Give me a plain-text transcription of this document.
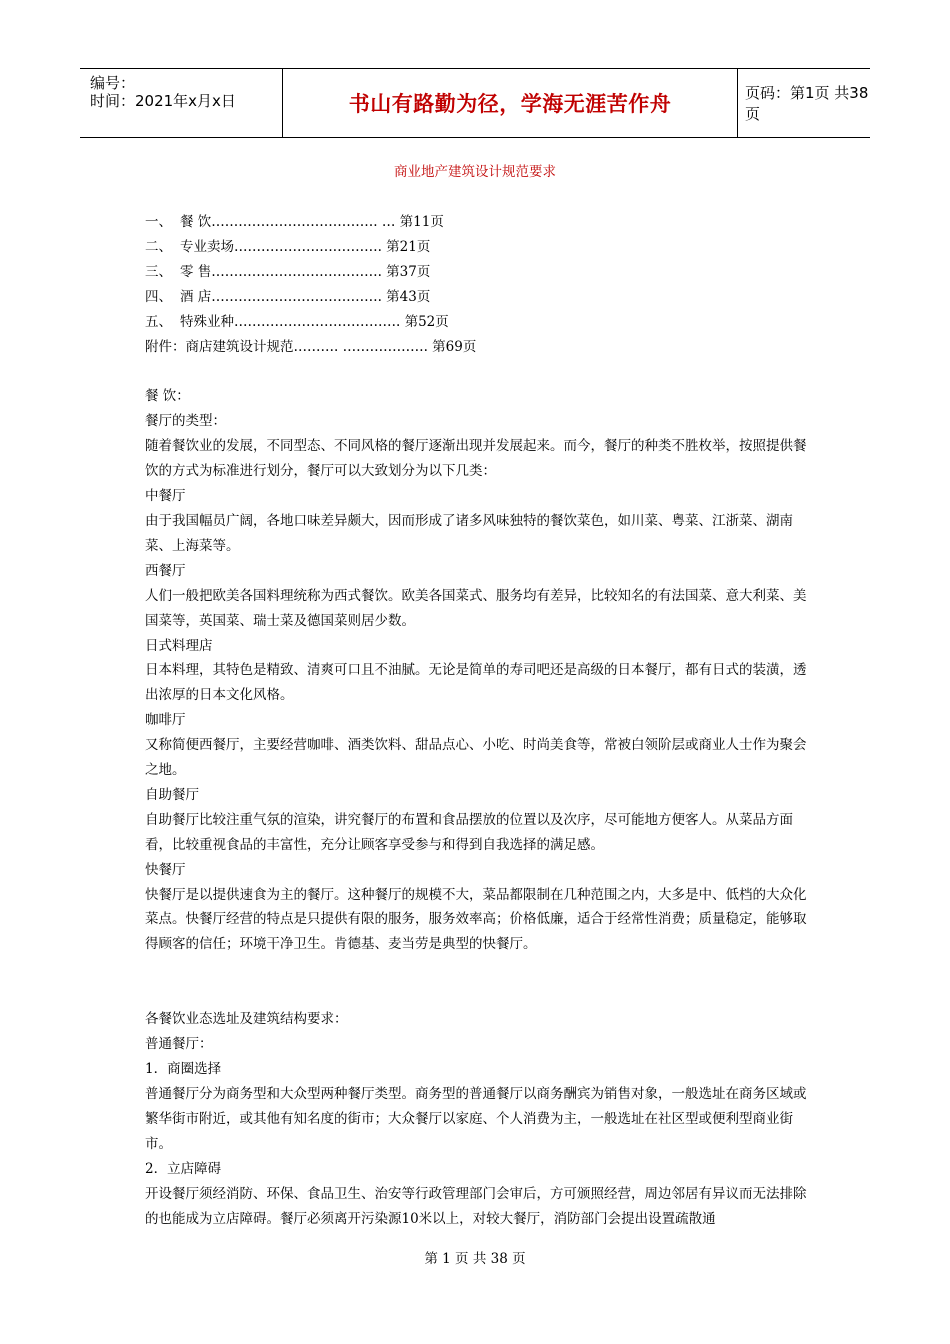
编号：
时间：2021年x月x日	书山有路勤为径，学海无涯苦作舟	页码：第1页 共38页
商业地产建筑设计规范要求

一、 餐 饮………………………………. … 第11页

二、 专业卖场……………….….………. 第21页

三、 零 售…………………….…………. 第37页

四、 酒 店………………………….……. 第43页

五、 特殊业种………………………………. 第52页

附件：商店建筑设计规范………. ………………. 第69页

餐 饮：

餐厅的类型：

随着餐饮业的发展，不同型态、不同风格的餐厅逐渐出现并发展起来。而今，餐厅的种类不胜枚举，按照提供餐饮的方式为标准进行划分，餐厅可以大致划分为以下几类：

中餐厅

由于我国幅员广阔，各地口味差异颇大，因而形成了诸多风味独特的餐饮菜色，如川菜、粤菜、江浙菜、湖南菜、上海菜等。

西餐厅

人们一般把欧美各国料理统称为西式餐饮。欧美各国菜式、服务均有差异，比较知名的有法国菜、意大利菜、美国菜等，英国菜、瑞士菜及德国菜则居少数。

日式料理店

日本料理，其特色是精致、清爽可口且不油腻。无论是简单的寿司吧还是高级的日本餐厅，都有日式的装潢，透出浓厚的日本文化风格。

咖啡厅

又称简便西餐厅，主要经营咖啡、酒类饮料、甜品点心、小吃、时尚美食等，常被白领阶层或商业人士作为聚会之地。

自助餐厅

自助餐厅比较注重气氛的渲染，讲究餐厅的布置和食品摆放的位置以及次序，尽可能地方便客人。从菜品方面看，比较重视食品的丰富性，充分让顾客享受参与和得到自我选择的满足感。

快餐厅

快餐厅是以提供速食为主的餐厅。这种餐厅的规模不大，菜品都限制在几种范围之内，大多是中、低档的大众化菜点。快餐厅经营的特点是只提供有限的服务，服务效率高；价格低廉，适合于经常性消费；质量稳定，能够取得顾客的信任；环境干净卫生。肯德基、麦当劳是典型的快餐厅。

各餐饮业态选址及建筑结构要求：

普通餐厅：

1．商圈选择

普通餐厅分为商务型和大众型两种餐厅类型。商务型的普通餐厅以商务酬宾为销售对象，一般选址在商务区域或繁华街市附近，或其他有知名度的街市；大众餐厅以家庭、个人消费为主，一般选址在社区型或便利型商业街市。

2．立店障碍

开设餐厅须经消防、环保、食品卫生、治安等行政管理部门会审后，方可颁照经营，周边邻居有异议而无法排除的也能成为立店障碍。餐厅必须离开污染源10米以上，对较大餐厅，消防部门会提出设置疏散通

第 1 页 共 38 页
